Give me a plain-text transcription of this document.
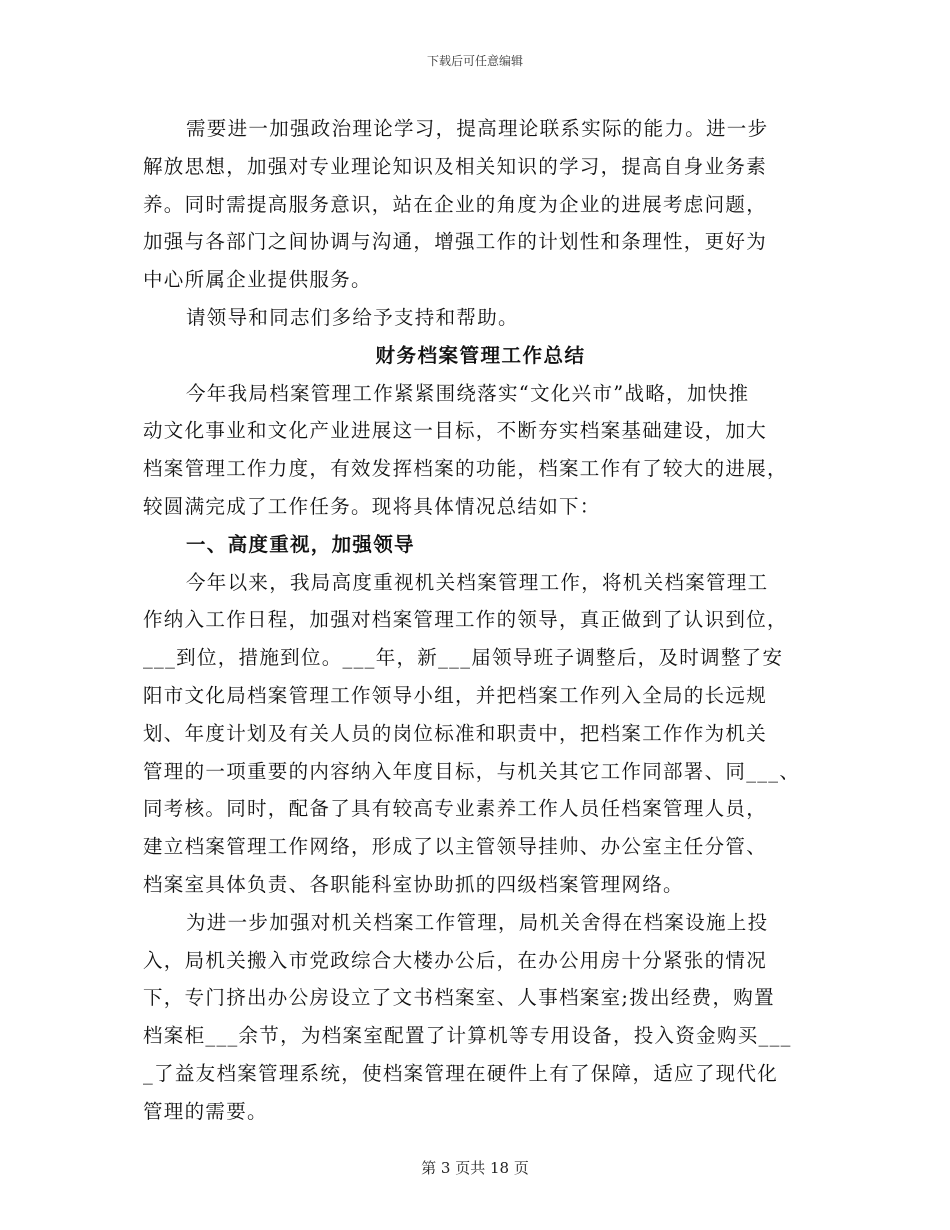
下载后可任意编辑
需要进一加强政治理论学习，提高理论联系实际的能力。进一步
解放思想，加强对专业理论知识及相关知识的学习，提高自身业务素
养。同时需提高服务意识，站在企业的角度为企业的进展考虑问题，
加强与各部门之间协调与沟通，增强工作的计划性和条理性，更好为
中心所属企业提供服务。
请领导和同志们多给予支持和帮助。
财务档案管理工作总结
今年我局档案管理工作紧紧围绕落实“文化兴市”战略，加快推
动文化事业和文化产业进展这一目标，不断夯实档案基础建设，加大
档案管理工作力度，有效发挥档案的功能，档案工作有了较大的进展，
较圆满完成了工作任务。现将具体情况总结如下：
一、高度重视，加强领导
今年以来，我局高度重视机关档案管理工作，将机关档案管理工
作纳入工作日程，加强对档案管理工作的领导，真正做到了认识到位，
___到位，措施到位。___年，新___届领导班子调整后，及时调整了安
阳市文化局档案管理工作领导小组，并把档案工作列入全局的长远规
划、年度计划及有关人员的岗位标准和职责中，把档案工作作为机关
管理的一项重要的内容纳入年度目标，与机关其它工作同部署、同___、
同考核。同时，配备了具有较高专业素养工作人员任档案管理人员，
建立档案管理工作网络，形成了以主管领导挂帅、办公室主任分管、
档案室具体负责、各职能科室协助抓的四级档案管理网络。
为进一步加强对机关档案工作管理，局机关舍得在档案设施上投
入，局机关搬入市党政综合大楼办公后，在办公用房十分紧张的情况
下，专门挤出办公房设立了文书档案室、人事档案室;拨出经费，购置
档案柜___余节，为档案室配置了计算机等专用设备，投入资金购买___
_了益友档案管理系统，使档案管理在硬件上有了保障，适应了现代化
管理的需要。
第 3 页共 18 页
